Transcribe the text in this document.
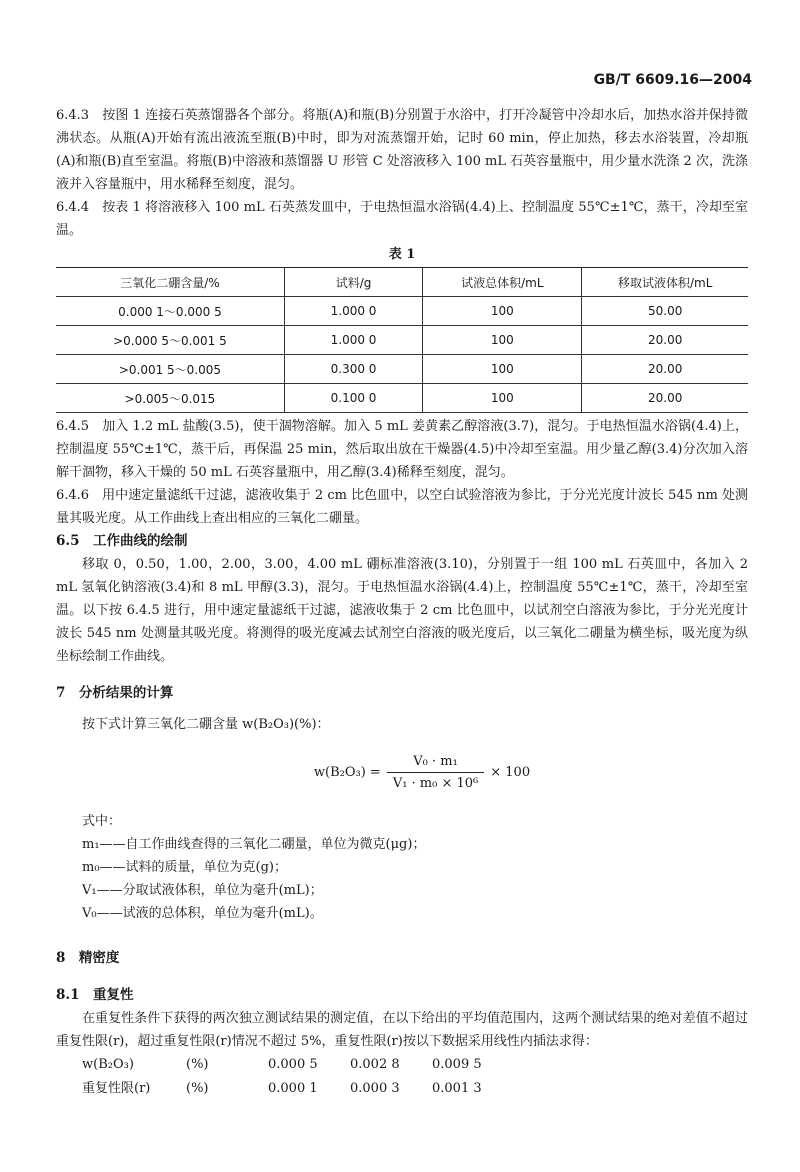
GB/T 6609.16—2004

6.4.3　按图 1 连接石英蒸馏器各个部分。将瓶(A)和瓶(B)分别置于水浴中，打开冷凝管中冷却水后，加热水浴并保持微沸状态。从瓶(A)开始有流出液流至瓶(B)中时，即为对流蒸馏开始，记时 60 min，停止加热，移去水浴装置，冷却瓶(A)和瓶(B)直至室温。将瓶(B)中溶液和蒸馏器 U 形管 C 处溶液移入 100 mL 石英容量瓶中，用少量水洗涤 2 次，洗涤液并入容量瓶中，用水稀释至刻度，混匀。

6.4.4　按表 1 将溶液移入 100 mL 石英蒸发皿中，于电热恒温水浴锅(4.4)上、控制温度 55℃±1℃，蒸干，冷却至室温。

表 1
三氧化二硼含量/%	试料/g	试液总体积/mL	移取试液体积/mL
0.000 1～0.000 5	1.000 0	100	50.00
>0.000 5～0.001 5	1.000 0	100	20.00
>0.001 5～0.005	0.300 0	100	20.00
>0.005～0.015	0.100 0	100	20.00

6.4.5　加入 1.2 mL 盐酸(3.5)，使干涸物溶解。加入 5 mL 姜黄素乙醇溶液(3.7)，混匀。于电热恒温水浴锅(4.4)上，控制温度 55℃±1℃，蒸干后，再保温 25 min，然后取出放在干燥器(4.5)中冷却至室温。用少量乙醇(3.4)分次加入溶解干涸物，移入干燥的 50 mL 石英容量瓶中，用乙醇(3.4)稀释至刻度，混匀。

6.4.6　用中速定量滤纸干过滤，滤液收集于 2 cm 比色皿中，以空白试验溶液为参比，于分光光度计波长 545 nm 处测量其吸光度。从工作曲线上查出相应的三氧化二硼量。

6.5　工作曲线的绘制

移取 0，0.50，1.00，2.00，3.00，4.00 mL 硼标准溶液(3.10)，分别置于一组 100 mL 石英皿中，各加入 2 mL 氢氧化钠溶液(3.4)和 8 mL 甲醇(3.3)，混匀。于电热恒温水浴锅(4.4)上，控制温度 55℃±1℃，蒸干，冷却至室温。以下按 6.4.5 进行，用中速定量滤纸干过滤，滤液收集于 2 cm 比色皿中，以试剂空白溶液为参比，于分光光度计波长 545 nm 处测量其吸光度。将测得的吸光度减去试剂空白溶液的吸光度后，以三氧化二硼量为横坐标，吸光度为纵坐标绘制工作曲线。

7　分析结果的计算

按下式计算三氧化二硼含量 w(B₂O₃)(%)：

$w(B_2O_3) = \frac{\text{V₀ · m₁}}{\text{V₁ · m₀ × 10⁶}} \times 100$

式中：

m₁——自工作曲线查得的三氧化二硼量，单位为微克(μg)；

m₀——试料的质量，单位为克(g)；

V₁——分取试液体积，单位为毫升(mL)；

V₀——试液的总体积，单位为毫升(mL)。

8　精密度

8.1　重复性

在重复性条件下获得的两次独立测试结果的测定值，在以下给出的平均值范围内，这两个测试结果的绝对差值不超过重复性限(r)，超过重复性限(r)情况不超过 5%，重复性限(r)按以下数据采用线性内插法求得：

w(B₂O₃)	(%)	0.000 5	0.002 8	0.009 5
重复性限(r)	(%)	0.000 1	0.000 3	0.001 3
